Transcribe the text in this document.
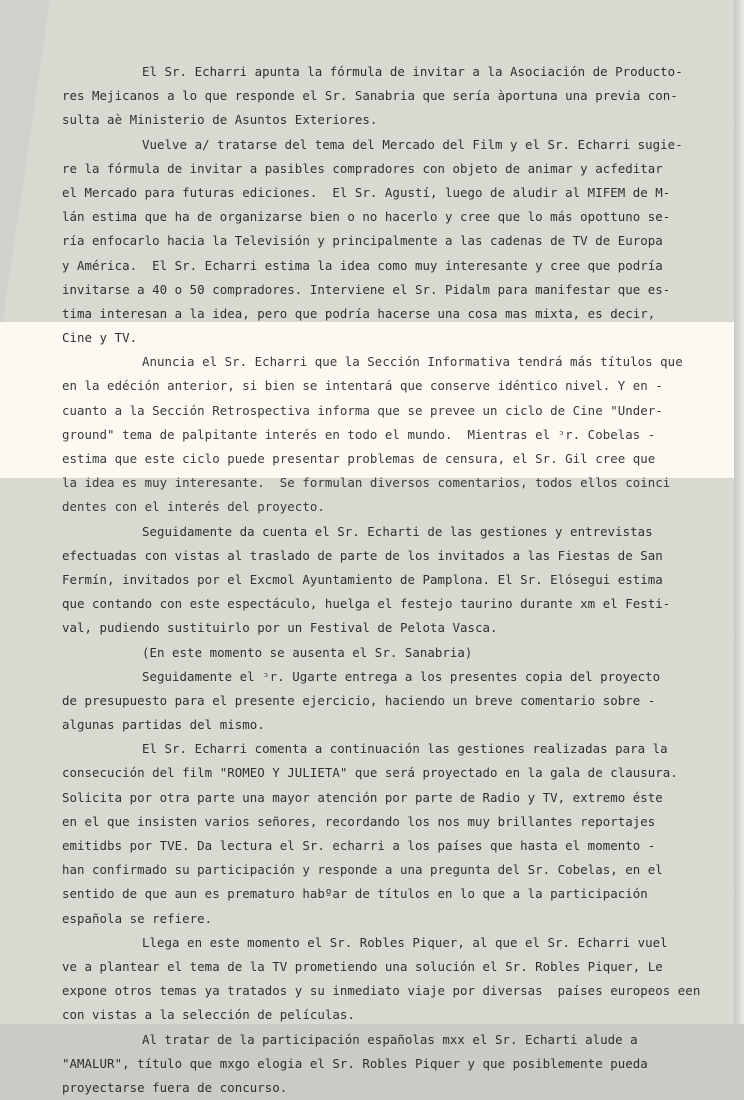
El Sr. Echarri apunta la fórmula de invitar a la Asociación de Producto-
res Mejicanos a lo que responde el Sr. Sanabria que sería àportuna una previa con-
sulta aè Ministerio de Asuntos Exteriores.
Vuelve a/ tratarse del tema del Mercado del Film y el Sr. Echarri sugie-
re la fórmula de invitar a pasibles compradores con objeto de animar y acfeditar
el Mercado para futuras ediciones.  El Sr. Agustí, luego de aludir al MIFEM de M-
lán estima que ha de organizarse bien o no hacerlo y cree que lo más opottuno se-
ría enfocarlo hacia la Televisión y principalmente a las cadenas de TV de Europa
y América.  El Sr. Echarri estima la idea como muy interesante y cree que podría
invitarse a 40 o 50 compradores. Interviene el Sr. Pidalm para manifestar que es-
tima interesan a la idea, pero que podría hacerse una cosa mas mixta, es decir,
Cine y TV.
Anuncia el Sr. Echarri que la Sección Informativa tendrá más títulos que
en la edéción anterior, si bien se intentará que conserve idéntico nivel. Y en -
cuanto a la Sección Retrospectiva informa que se prevee un ciclo de Cine "Under-
ground" tema de palpitante interés en todo el mundo.  Mientras el ᵓr. Cobelas -
estima que este ciclo puede presentar problemas de censura, el Sr. Gil cree que
la idea es muy interesante.  Se formulan diversos comentarios, todos ellos coinci
dentes con el interés del proyecto.
Seguidamente da cuenta el Sr. Echarti de las gestiones y entrevistas
efectuadas con vistas al traslado de parte de los invitados a las Fiestas de San
Fermín, invitados por el Excmol Ayuntamiento de Pamplona. El Sr. Elósegui estima
que contando con este espectáculo, huelga el festejo taurino durante xm el Festi-
val, pudiendo sustituirlo por un Festival de Pelota Vasca.
(En este momento se ausenta el Sr. Sanabria)
Seguidamente el ᵓr. Ugarte entrega a los presentes copia del proyecto
de presupuesto para el presente ejercicio, haciendo un breve comentario sobre -
algunas partidas del mismo.
El Sr. Echarri comenta a continuación las gestiones realizadas para la
consecución del film "ROMEO Y JULIETA" que será proyectado en la gala de clausura.
Solicita por otra parte una mayor atención por parte de Radio y TV, extremo éste
en el que insisten varios señores, recordando los nos muy brillantes reportajes
emitidbs por TVE. Da lectura el Sr. echarri a los países que hasta el momento -
han confirmado su participación y responde a una pregunta del Sr. Cobelas, en el
sentido de que aun es prematuro habºar de títulos en lo que a la participación
española se refiere.
Llega en este momento el Sr. Robles Piquer, al que el Sr. Echarri vuel
ve a plantear el tema de la TV prometiendo una solución el Sr. Robles Piquer, Le
expone otros temas ya tratados y su inmediato viaje por diversas  países europeos een
con vistas a la selección de películas.
Al tratar de la participación españolas mxx el Sr. Echarti alude a
"AMALUR", título que mxgo elogia el Sr. Robles Piquer y que posiblemente pueda
proyectarse fuera de concurso.
